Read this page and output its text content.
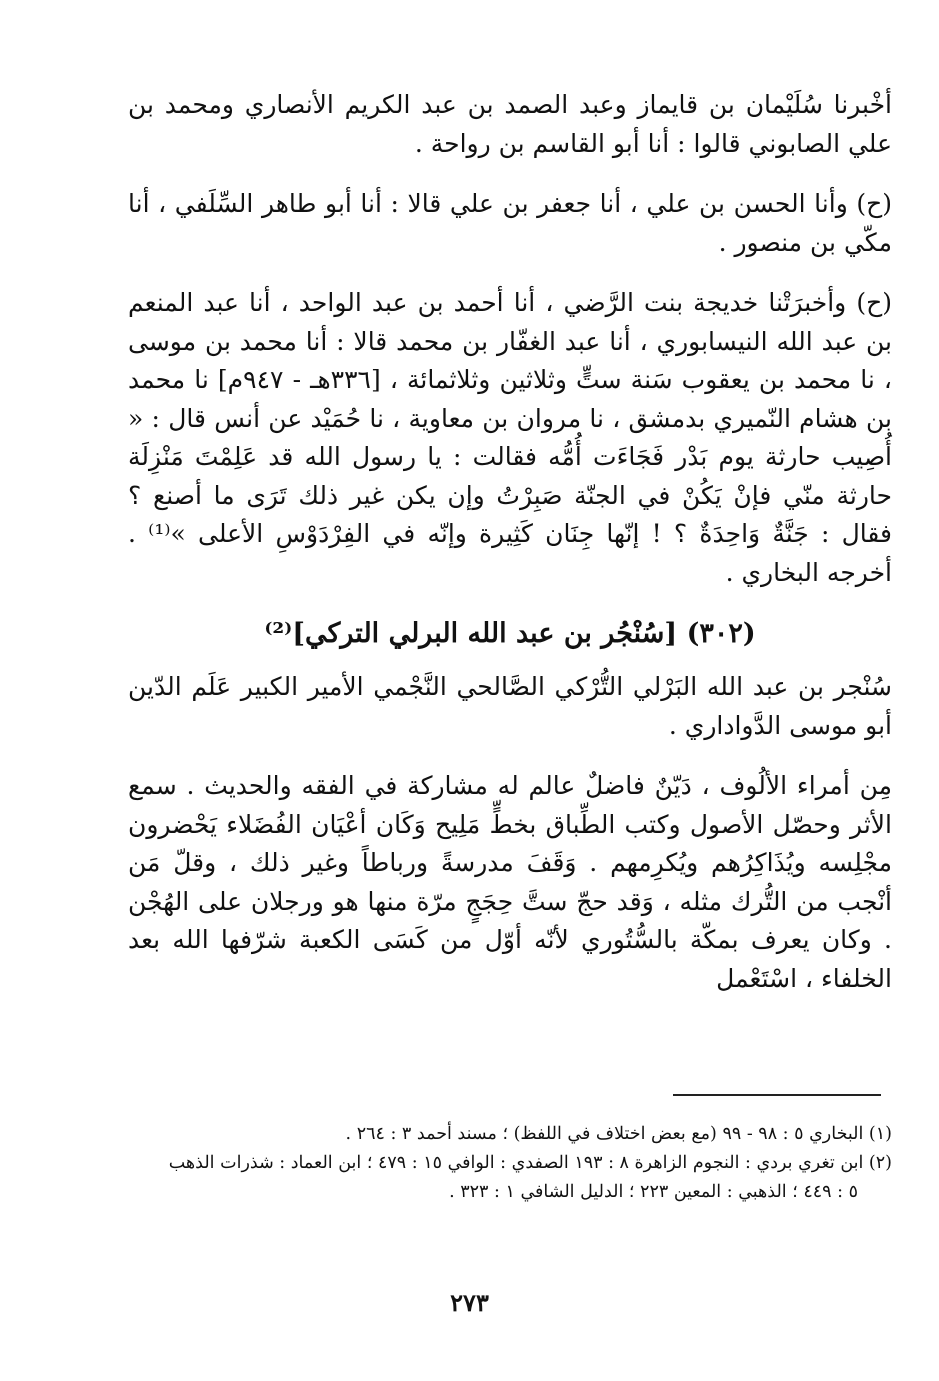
أخْبرنا سُلَيْمان بن قايماز وعبد الصمد بن عبد الكريم الأنصاري ومحمد بن علي الصابوني قالوا : أنا أبو القاسم بن رواحة .

(ح) وأنا الحسن بن علي ، أنا جعفر بن علي قالا : أنا أبو طاهر السِّلَفي ، أنا مكّي بن منصور .

(ح) وأخبرَتْنا خديجة بنت الرَّضي ، أنا أحمد بن عبد الواحد ، أنا عبد المنعم بن عبد الله النيسابوري ، أنا عبد الغفّار بن محمد قالا : أنا محمد بن موسى ، نا محمد بن يعقوب سَنة ستٍّ وثلاثين وثلاثمائة ، [٣٣٦هـ - ٩٤٧م] نا محمد بن هشام النّميري بدمشق ، نا مروان بن معاوية ، نا حُمَيْد عن أنس قال : « أُصِيب حارثة يوم بَدْر فَجَاءَت أُمُّه فقالت : يا رسول الله قد عَلِمْتَ مَنْزِلَة حارثة منّي فإنْ يَكُنْ في الجنّة صَبِرْتُ وإن يكن غير ذلك تَرَى ما أصنع ؟ فقال : جَنَّةٌ وَاحِدَةٌ ؟ ! إنّها جِنَان كَثِيرة وإنّه في الفِرْدَوْسِ الأعلى »⁽¹⁾ . أخرجه البخاري .

(٣٠٢) [سُنْجُر بن عبد الله البرلي التركي]⁽²⁾

سُنْجر بن عبد الله البَرْلي التُّرْكي الصَّالحي النَّجْمي الأمير الكبير عَلَم الدّين أبو موسى الدَّواداري .

مِن أمراء الألُوف ، دَيّنٌ فاضلٌ عالم له مشاركة في الفقه والحديث . سمع الأثر وحصّل الأصول وكتب الطِّباق بخطٍّ مَلِيح وَكَان أعْيَان الفُضَلاء يَحْضرون مجْلِسه ويُذَاكِرُهم ويُكرِمهم . وَقَفَ مدرسةً ورباطاً وغير ذلك ، وقلّ مَن أنْجب من التُّرك مثله ، وَقد حجّ ستَّ حِجَجٍ مرّة منها هو ورجلان على الهُجْن . وكان يعرف بمكّة بالسُّتُوري لأنّه أوّل من كَسَى الكعبة شرّفها الله بعد الخلفاء ، اسْتَعْمل

(١) البخاري ٥ : ٩٨ - ٩٩ (مع بعض اختلاف في اللفظ) ؛ مسند أحمد ٣ : ٢٦٤ .

(٢) ابن تغري بردي : النجوم الزاهرة ٨ : ١٩٣ الصفدي : الوافي ١٥ : ٤٧٩ ؛ ابن العماد : شذرات الذهب

٥ : ٤٤٩ ؛ الذهبي : المعين ٢٢٣ ؛ الدليل الشافي ١ : ٣٢٣ .

٢٧٣
